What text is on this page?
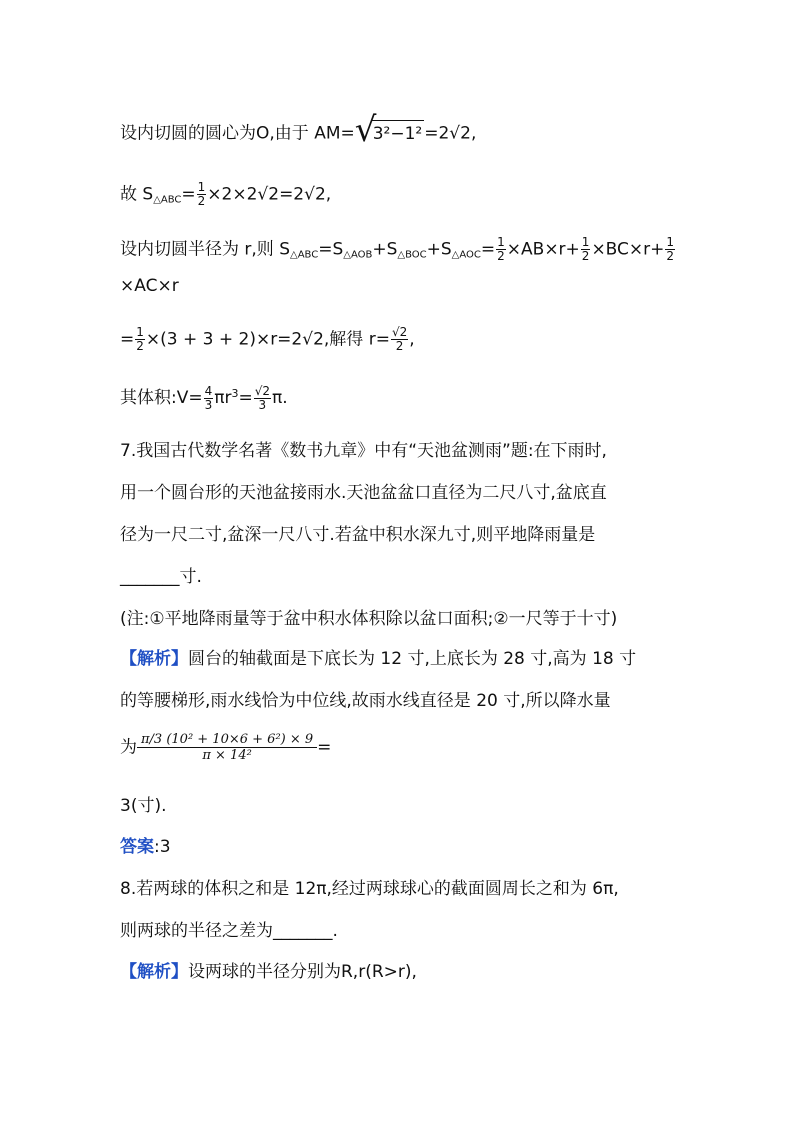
设内切圆的圆心为O,由于 AM= √
3²−1² =2√2,
故 $S_{\triangle ABC}= \frac{1}{2} \times 2\times 2√2=2√2$,
设内切圆半径为 r,则 $S_{\triangle ABC}=S_{\triangle AOB}+S_{\triangle BOC}+S_{\triangle AOC}= \frac{1}{2} \times AB\times r+ \frac{1}{2} \times BC\times r+ \frac{1}{2}$
×AC×r
= $\frac{1}{2} \times(3 + 3 + 2)\times r=2√2$,解得 $r= \frac{√2}{2}$ ,
其体积:V= $\frac{4}{3} \pi r^3= \frac{√2}{3} \pi$.
7.我国古代数学名著《数书九章》中有“天池盆测雨”题:在下雨时,
用一个圆台形的天池盆接雨水.天池盆盆口直径为二尺八寸,盆底直
径为一尺二寸,盆深一尺八寸.若盆中积水深九寸,则平地降雨量是
_______寸.
(注:①平地降雨量等于盆中积水体积除以盆口面积;②一尺等于十寸)
【解析】圆台的轴截面是下底长为 12 寸,上底长为 28 寸,高为 18 寸
的等腰梯形,雨水线恰为中位线,故雨水线直径是 20 寸,所以降水量
为 $\frac{\text{π/3 (10² + 10×6 + 6²) × 9}}{\text{π × 14²}}$ =
3(寸).
答案:3
8.若两球的体积之和是 12π,经过两球球心的截面圆周长之和为 6π,
则两球的半径之差为_______.
【解析】设两球的半径分别为R,r(R>r),
